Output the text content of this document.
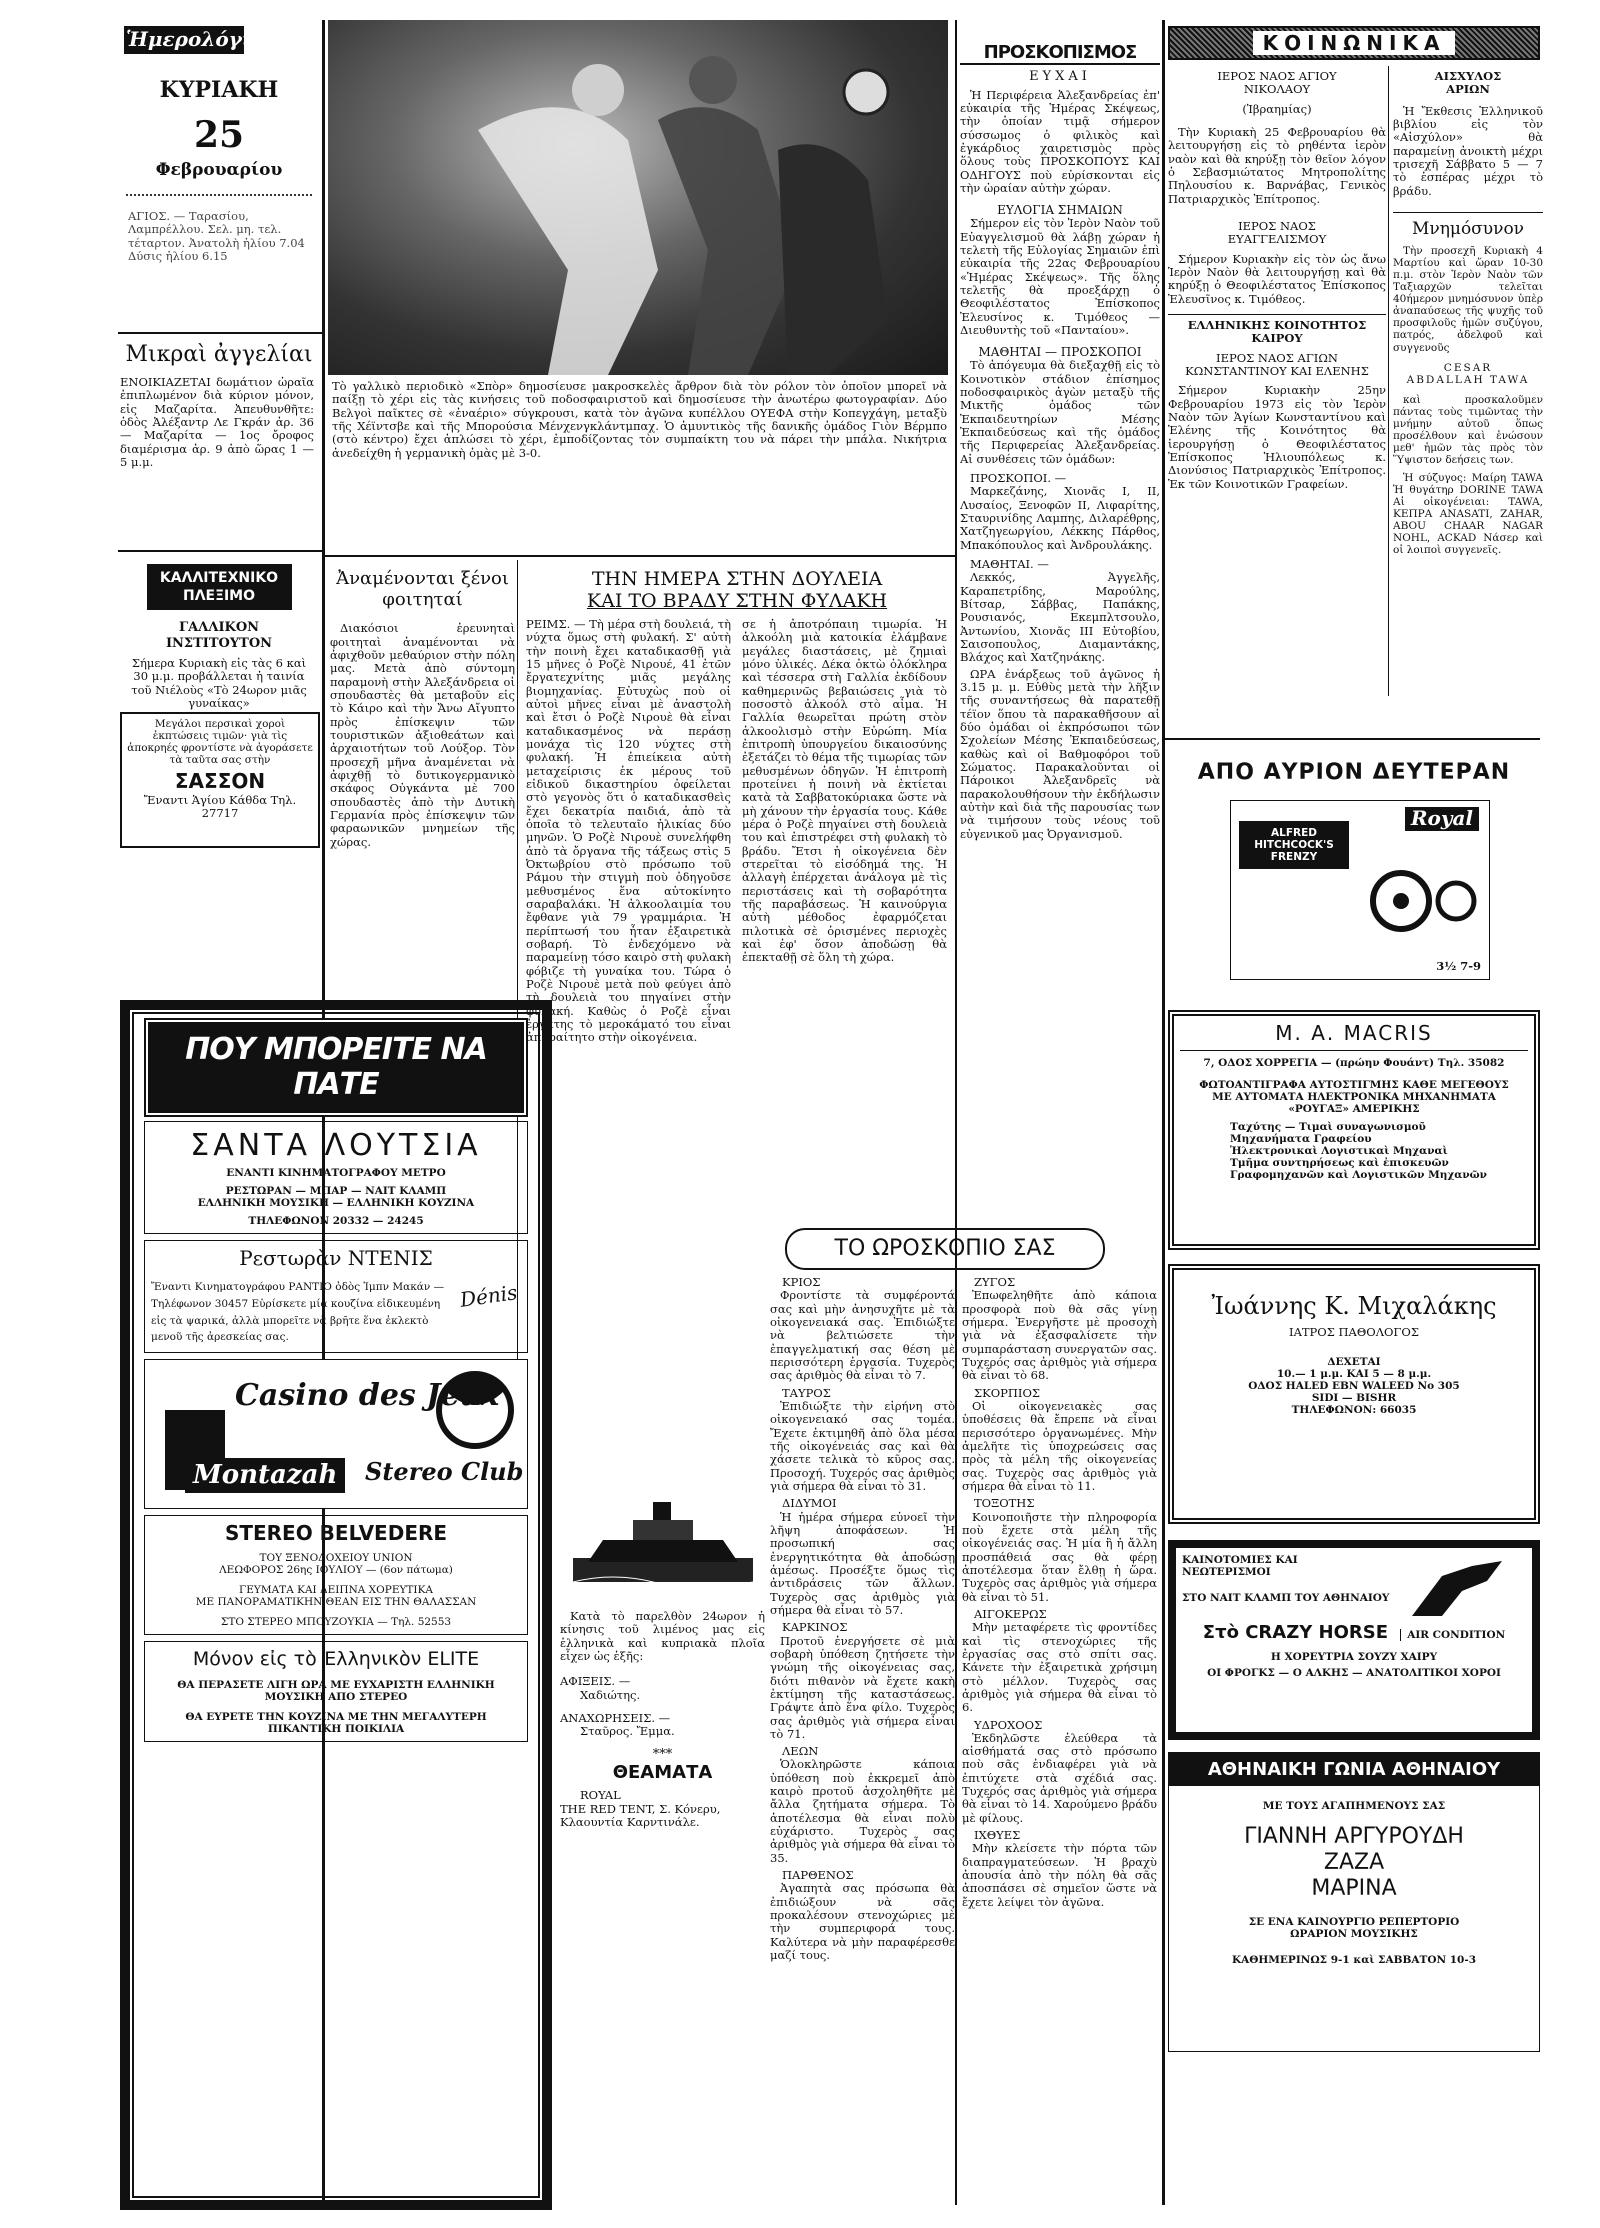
Ἡμερολόγιον
ΚΥΡΙΑΚΗ
25
Φεβρουαρίου
ΑΓΙΟΣ. — Ταρασίου, Λαμπρέλλου. Σελ. μη. τελ. τέταρτον. Ἀνατολὴ ἡλίου 7.04 Δύσις ἡλίου 6.15
Μικραὶ ἀγγελίαι
ΕΝΟΙΚΙΑΖΕΤΑΙ δωμάτιον ὡραῖα ἐπιπλωμένον διὰ κύριον μόνον, εἰς Μαζαρίτα. Ἀπευθυνθῆτε: ὁδὸς Ἀλέξαντρ Λε Γκράν ἀρ. 36 — Μαζαρίτα — 1ος ὄροφος διαμέρισμα ἀρ. 9 ἀπὸ ὥρας 1 — 5 μ.μ.
ΚΑΛΛΙΤΕΧΝΙΚΟ ΠΛΕΞΙΜΟ
ΓΑΛΛΙΚΟΝ ΙΝΣΤΙΤΟΥΤΟΝ
Σήμερα Κυριακὴ εἰς τὰς 6 καὶ 30 μ.μ. προβάλλεται ἡ ταινία τοῦ Νιέλοὺς «Τὸ 24ωρον μιᾶς γυναίκας»
Μεγάλοι περσικαὶ χοροὶ ἐκπτώσεις τιμῶν· γιὰ τὶς ἀποκρηές φροντίστε νὰ ἀγοράσετε τὰ ταῦτα σας στὴν
ΣΑΣΣΟΝ
Ἔναντι Ἁγίου Κάθδα Τηλ. 27717
Τὸ γαλλικὸ περιοδικὸ «Σπὸρ» δημοσίευσε μακροσκελὲς ἄρθρον διὰ τὸν ρόλον τὸν ὁποῖον μπορεῖ νὰ παίξῃ τὸ χέρι εἰς τὰς κινήσεις τοῦ ποδοσφαιριστοῦ καὶ δημοσίευσε τὴν ἀνωτέρω φωτογραφίαν. Δύο Βελγοὶ παῖκτες σὲ «ἐναέριο» σύγκρουσι, κατὰ τὸν ἀγῶνα κυπέλλου ΟΥΕΦΑ στὴν Κοπεγχάγη, μεταξὺ τῆς Χέϊντσβε καὶ τῆς Μπορούσια Μένχενγκλάντμπαχ. Ὁ ἀμυντικὸς τῆς δανικῆς ὁμάδος Γιὸν Βέρμπο (στὸ κέντρο) ἔχει ἁπλώσει τὸ χέρι, ἐμποδίζοντας τὸν συμπαίκτη του νὰ πάρει τὴν μπάλα. Νικήτρια ἀνεδείχθη ἡ γερμανικὴ ὁμὰς μὲ 3-0.
Ἀναμένονται ξένοι φοιτηταί
Διακόσιοι ἐρευνηταὶ φοιτηταὶ ἀναμένονται νὰ ἀφιχθοῦν μεθαύριον στὴν πόλη μας. Μετὰ ἀπὸ σύντομη παραμονὴ στὴν Ἀλεξάνδρεια οἱ σπουδαστὲς θὰ μεταβοῦν εἰς τὸ Κάιρο καὶ τὴν Ἄνω Αἴγυπτο πρὸς ἐπίσκεψιν τῶν τουριστικῶν ἀξιοθεάτων καὶ ἀρχαιοτήτων τοῦ Λούξορ. Τὸν προσεχῆ μῆνα ἀναμένεται νὰ ἀφιχθῇ τὸ δυτικογερμανικὸ σκάφος Οὐγκάντα μὲ 700 σπουδαστὲς ἀπὸ τὴν Δυτικὴ Γερμανία πρὸς ἐπίσκεψιν τῶν φαραωνικῶν μνημείων τῆς χώρας.
ΤΗΝ ΗΜΕΡΑ ΣΤΗΝ ΔΟΥΛΕΙΑ
ΚΑΙ ΤΟ ΒΡΑΔΥ ΣΤΗΝ ΦΥΛΑΚΗ
ΡΕΙΜΣ. — Τὴ μέρα στὴ δουλειά, τὴ νύχτα ὅμως στὴ φυλακή. Σ' αὐτὴ τὴν ποινὴ ἔχει καταδικασθῇ γιὰ 15 μῆνες ὁ Ροζὲ Νιρουέ, 41 ἐτῶν ἔργατεχνίτης μιᾶς μεγάλης βιομηχανίας. Εὐτυχὼς ποὺ οἱ αὐτοὶ μῆνες εἶναι μὲ ἀναστολὴ καὶ ἔτσι ὁ Ροζὲ Νιρουὲ θὰ εἶναι καταδικασμένος νὰ περάσῃ μονάχα τὶς 120 νύχτες στὴ φυλακή. Ἡ ἐπιείκεια αὐτὴ μεταχείρισις ἐκ μέρους τοῦ εἰδικοῦ δικαστηρίου ὀφείλεται στὸ γεγονὸς ὅτι ὁ καταδικασθεὶς ἔχει δεκατρία παιδιά, ἀπὸ τὰ ὁποῖα τὸ τελευταῖο ἡλικίας δύο μηνῶν. Ὁ Ροζὲ Νιρουὲ συνελήφθη ἀπὸ τὰ ὄργανα τῆς τάξεως στὶς 5 Ὀκτωβρίου στὸ πρόσωπο τοῦ Ράμου τὴν στιγμὴ ποὺ ὁδηγοῦσε μεθυσμένος ἕνα αὐτοκίνητο σαραβαλάκι. Ἡ ἀλκοολαιμία του ἔφθανε γιὰ 79 γραμμάρια. Ἡ περίπτωσή του ἦταν ἐξαιρετικὰ σοβαρή. Τὸ ἐνδεχόμενο νὰ παραμείνῃ τόσο καιρὸ στὴ φυλακὴ φόβιζε τὴ γυναίκα του. Τώρα ὁ Ροζὲ Νιρουὲ μετὰ ποὺ φεύγει ἀπὸ τὴ δουλειὰ του πηγαίνει στὴν φυλακή. Καθὼς ὁ Ροζὲ εἶναι ἐργάτης τὸ μεροκάματό του εἶναι ἀπαραίτητο στὴν οἰκογένεια.
σε ἡ ἀποτρόπαιη τιμωρία. Ἡ ἀλκοόλη μιὰ κατοικία ἐλάμβανε μεγάλες διαστάσεις, μὲ ζημιαὶ μόνο ὑλικές. Δέκα ὀκτὼ ὁλόκληρα καὶ τέσσερα στὴ Γαλλία ἐκδίδουν καθημερινῶς βεβαιώσεις γιὰ τὸ ποσοστὸ ἀλκοόλ στὸ αἷμα. Ἡ Γαλλία θεωρεῖται πρώτη στὸν ἀλκοολισμὸ στὴν Εὐρώπη. Μία ἐπιτροπὴ ὑπουργείου δικαιοσύνης ἐξετάζει τὸ θέμα τῆς τιμωρίας τῶν μεθυσμένων ὁδηγῶν. Ἡ ἐπιτροπὴ προτείνει ἡ ποινὴ νὰ ἐκτίεται κατὰ τὰ Σαββατοκύριακα ὥστε νὰ μὴ χάνουν τὴν ἐργασία τους. Κάθε μέρα ὁ Ροζὲ πηγαίνει στὴ δουλειὰ του καὶ ἐπιστρέφει στὴ φυλακὴ τὸ βράδυ. Ἔτσι ἡ οἰκογένεια δὲν στερεῖται τὸ εἰσόδημά της. Ἡ ἀλλαγὴ ἐπέρχεται ἀνάλογα μὲ τὶς περιστάσεις καὶ τὴ σοβαρότητα τῆς παραβάσεως. Ἡ καινούργια αὐτὴ μέθοδος ἐφαρμόζεται πιλοτικὰ σὲ ὁρισμένες περιοχὲς καὶ ἐφ' ὅσον ἀποδώσῃ θὰ ἐπεκταθῇ σὲ ὅλη τὴ χώρα.
ΤΟ ΩΡΟΣΚΟΠΙΟ ΣΑΣ
ΚΡΙΟΣ
Φροντίστε τὰ συμφέροντά σας καὶ μὴν ἀνησυχῆτε μὲ τὰ οἰκογενειακά σας. Ἐπιδιώξτε νὰ βελτιώσετε τὴν ἐπαγγελματική σας θέση μὲ περισσότερη ἐργασία. Τυχερὸς σας ἀριθμὸς θὰ εἶναι τὸ 7.
ΤΑΥΡΟΣ
Ἐπιδιώξτε τὴν εἰρήνη στὸ οἰκογενειακό σας τομέα. Ἔχετε ἐκτιμηθῆ ἀπὸ ὅλα μέσα τῆς οἰκογένειάς σας καὶ θὰ χάσετε τελικὰ τὸ κῦρος σας. Προσοχή. Τυχερός σας ἀριθμὸς γιὰ σήμερα θὰ εἶναι τὸ 31.
ΔΙΔΥΜΟΙ
Ἡ ἡμέρα σήμερα εὐνοεῖ τὴν λῆψη ἀποφάσεων. Ἡ προσωπική σας ἐνεργητικότητα θὰ ἀποδώσῃ ἀμέσως. Προσέξτε ὅμως τὶς ἀντιδράσεις τῶν ἄλλων. Τυχερὸς σας ἀριθμὸς γιὰ σήμερα θὰ εἶναι τὸ 57.
ΚΑΡΚΙΝΟΣ
Προτοῦ ἐνεργήσετε σὲ μιὰ σοβαρὴ ὑπόθεση ζητήσετε τὴν γνώμη τῆς οἰκογένειας σας, διότι πιθανὸν νὰ ἔχετε κακὴ ἐκτίμηση τῆς καταστάσεως. Γράψτε ἀπὸ ἕνα φίλο. Τυχερὸς σας ἀριθμὸς γιὰ σήμερα εἶναι τὸ 71.
ΛΕΩΝ
Ὁλοκληρῶστε κάποια ὑπόθεση ποὺ ἐκκρεμεῖ ἀπὸ καιρὸ προτοῦ ἀσχοληθῆτε μὲ ἄλλα ζητήματα σήμερα. Τὸ ἀποτέλεσμα θὰ εἶναι πολὺ εὐχάριστο. Τυχερὸς σας ἀριθμὸς γιὰ σήμερα θὰ εἶναι τὸ 35.
ΠΑΡΘΕΝΟΣ
Ἀγαπητὰ σας πρόσωπα θὰ ἐπιδιώξουν νὰ σᾶς προκαλέσουν στενοχώριες μὲ τὴν συμπεριφορά τους. Καλύτερα νὰ μὴν παραφέρεσθε μαζί τους.
ΖΥΓΟΣ
Ἐπωφεληθῆτε ἀπὸ κάποια προσφορὰ ποὺ θὰ σᾶς γίνῃ σήμερα. Ἐνεργῆστε μὲ προσοχὴ γιὰ νὰ ἐξασφαλίσετε τὴν συμπαράσταση συνεργατῶν σας. Τυχερός σας ἀριθμὸς γιὰ σήμερα θὰ εἶναι τὸ 68.
ΣΚΟΡΠΙΟΣ
Οἱ οἰκογενειακὲς σας ὑποθέσεις θὰ ἔπρεπε νὰ εἶναι περισσότερο ὀργανωμένες. Μὴν ἀμελῆτε τὶς ὑποχρεώσεις σας πρὸς τὰ μέλη τῆς οἰκογενείας σας. Τυχερὸς σας ἀριθμὸς γιὰ σήμερα θὰ εἶναι τὸ 11.
ΤΟΞΟΤΗΣ
Κοινοποιῆστε τὴν πληροφορία ποὺ ἔχετε στὰ μέλη τῆς οἰκογένειάς σας. Ἡ μία ἢ ἡ ἄλλη προσπάθειά σας θὰ φέρῃ ἀποτέλεσμα ὅταν ἔλθῃ ἡ ὥρα. Τυχερὸς σας ἀριθμὸς γιὰ σήμερα θὰ εἶναι τὸ 51.
ΑΙΓΟΚΕΡΩΣ
Μὴν μεταφέρετε τὶς φροντίδες καὶ τὶς στενοχώριες τῆς ἐργασίας σας στὸ σπίτι σας. Κάνετε τὴν ἐξαιρετικὰ χρήσιμη στὸ μέλλον. Τυχερὸς σας ἀριθμὸς γιὰ σήμερα θὰ εἶναι τὸ 6.
ΥΔΡΟΧΟΟΣ
Ἐκδηλῶστε ἐλεύθερα τὰ αἰσθήματά σας στὸ πρόσωπο ποὺ σᾶς ἐνδιαφέρει γιὰ νὰ ἐπιτύχετε στὰ σχέδιά σας. Τυχερός σας ἀριθμὸς γιὰ σήμερα θὰ εἶναι τὸ 14. Χαρούμενο βράδυ μὲ φίλους.
ΙΧΘΥΕΣ
Μὴν κλείσετε τὴν πόρτα τῶν διαπραγματεύσεων. Ἡ βραχὺ ἀπουσία ἀπὸ τὴν πόλη θὰ σᾶς ἀποσπάσει σὲ σημεῖον ὥστε νὰ ἔχετε λείψει τὸν ἀγῶνα.
Κατὰ τὸ παρελθὸν 24ωρον ἡ κίνησις τοῦ λιμένος μας εἰς ἑλληνικὰ καὶ κυπριακὰ πλοῖα εἶχεν ὡς ἑξῆς:
ΑΦΙΞΕΙΣ. —
Χαδιώτης.
ΑΝΑΧΩΡΗΣΕΙΣ. —
Σταῦρος. Ἔμμα.
***
ΘΕΑΜΑΤΑ
ROYAL
THE RED TENT, Σ. Κόνερυ, Κλαουντία Καρντινάλε.
ΠΟΥ ΜΠΟΡΕΙΤΕ ΝΑ ΠΑΤΕ
ΣΑΝΤΑ ΛΟΥΤΣΙΑ
ΕΝΑΝΤΙ ΚΙΝΗΜΑΤΟΓΡΑΦΟΥ ΜΕΤΡΟ
ΡΕΣΤΩΡΑΝ — ΜΠΑΡ — ΝΑΙΤ ΚΛΑΜΠ
ΕΛΛΗΝΙΚΗ ΜΟΥΣΙΚΗ — ΕΛΛΗΝΙΚΗ ΚΟΥΖΙΝΑ
ΤΗΛΕΦΩΝΟΝ 20332 — 24245
Ρεστωρὰν ΝΤΕΝΙΣ
Ἔναντι Κινηματογράφου ΡΑΝΤΙΟ ὁδὸς Ἰμπν Μακάν — Τηλέφωνον 30457 Εὑρίσκετε μία κουζίνα εἰδικευμένη εἰς τὰ ψαρικά, ἀλλὰ μπορεῖτε νὰ βρῆτε ἕνα ἐκλεκτὸ μενοῦ τῆς ἀρεσκείας σας.
Dénis
Casino des Jeux
Montazah	Stereo Club
STEREO BELVEDERE
ΤΟΥ ΞΕΝΟΔΟΧΕΙΟΥ UNION
ΛΕΩΦΟΡΟΣ 26ης ΙΟΥΛΙΟΥ — (6ον πάτωμα)
ΓΕΥΜΑΤΑ ΚΑΙ ΔΕΙΠΝΑ ΧΟΡΕΥΤΙΚΑ
ΜΕ ΠΑΝΟΡΑΜΑΤΙΚΗΝ ΘΕΑΝ ΕΙΣ ΤΗΝ ΘΑΛΑΣΣΑΝ
ΣΤΟ ΣΤΕΡΕΟ ΜΠΟΥΖΟΥΚΙΑ — Τηλ. 52553
Μόνον εἰς τὸ Ἑλληνικὸν ELITE
ΘΑ ΠΕΡΑΣΕΤΕ ΛΙΓΗ ΩΡΑ ΜΕ ΕΥΧΑΡΙΣΤΗ ΕΛΛΗΝΙΚΗ ΜΟΥΣΙΚΗ ΑΠΟ ΣΤΕΡΕΟ
ΘΑ ΕΥΡΕΤΕ ΤΗΝ ΚΟΥΖΙΝΑ ΜΕ ΤΗΝ ΜΕΓΑΛΥΤΕΡΗ ΠΙΚΑΝΤΙΚΗ ΠΟΙΚΙΛΙΑ
ΠΡΟΣΚΟΠΙΣΜΟΣ
ΕΥΧΑΙ
Ἡ Περιφέρεια Ἀλεξανδρείας ἐπ' εὐκαιρία τῆς Ἡμέρας Σκέψεως, τὴν ὁποίαν τιμᾷ σήμερον σύσσωμος ὁ φιλικὸς καὶ ἐγκάρδιος χαιρετισμὸς πρὸς ὅλους τοὺς ΠΡΟΣΚΟΠΟΥΣ ΚΑΙ ΟΔΗΓΟΥΣ ποὺ εὑρίσκονται εἰς τὴν ὡραίαν αὐτὴν χώραν.
ΕΥΛΟΓΙΑ ΣΗΜΑΙΩΝ
Σήμερον εἰς τὸν Ἱερὸν Ναὸν τοῦ Εὐαγγελισμοῦ θὰ λάβῃ χώραν ἡ τελετὴ τῆς Εὐλογίας Σημαιῶν ἐπὶ εὐκαιρία τῆς 22ας Φεβρουαρίου «Ἡμέρας Σκέψεως». Τῆς ὅλης τελετῆς θὰ προεξάρχῃ ὁ Θεοφιλέστατος Ἐπίσκοπος Ἐλευσίνος κ. Τιμόθεος — Διευθυντὴς τοῦ «Πανταίου».
ΜΑΘΗΤΑΙ — ΠΡΟΣΚΟΠΟΙ
Τὸ ἀπόγευμα θὰ διεξαχθῇ εἰς τὸ Κοινοτικὸν στάδιον ἐπίσημος ποδοσφαιρικὸς ἀγὼν μεταξὺ τῆς Μικτῆς ὁμάδος τῶν Ἐκπαιδευτηρίων Μέσης Ἐκπαιδεύσεως καὶ τῆς ὁμάδος τῆς Περιφερείας Ἀλεξανδρείας. Αἱ συνθέσεις τῶν ὁμάδων:
ΠΡΟΣΚΟΠΟΙ. —
Μαρκεζάνης, Χιονᾶς Ι, ΙΙ, Λυσαίος, Ξενοφῶν ΙΙ, Λιφαρίτης, Σταυρινίδης Λαμπης, Διλαρέθρης, Χατζηγεωργίου, Λέκκης Πάρθος, Μπακόπουλος καὶ Ἀνδρουλάκης.
ΜΑΘΗΤΑΙ. —
Λεκκός, Ἀγγελῆς, Καραπετρίδης, Μαρούλης, Βίτσαρ, Σάββας, Παπάκης, Ρουσιανός, Εκεμπλτσουλο, Ἀντωνίου, Χιονᾶς ΙΙΙ Εὐτοβίου, Σαισοπουλος, Διαμαντάκης, Βλάχος καὶ Χατζηνάκης.
ΩΡΑ ἐνάρξεως τοῦ ἀγῶνος ἡ 3.15 μ. μ. Εὐθὺς μετὰ τὴν λῆξιν τῆς συναντήσεως θὰ παρατεθῇ τέϊον ὅπου τὰ παρακαθῆσουν αἱ δύο ὁμάδαι οἱ ἐκπρόσωποι τῶν Σχολείων Μέσης Ἐκπαιδεύσεως, καθὼς καὶ οἱ Βαθμοφόροι τοῦ Σώματος. Παρακαλοῦνται οἱ Πάροικοι Ἀλεξανδρεῖς νὰ παρακολουθήσουν τὴν ἐκδήλωσιν αὐτὴν καὶ διὰ τῆς παρουσίας των νὰ τιμήσουν τοὺς νέους τοῦ εὐγενικοῦ μας Ὀργανισμοῦ.
ΚΟΙΝΩΝΙΚΑ
ΙΕΡΟΣ ΝΑΟΣ ΑΓΙΟΥ ΝΙΚΟΛΑΟΥ
(Ἰβραημίας)
Τὴν Κυριακὴ 25 Φεβρουαρίου θὰ λειτουργήσῃ εἰς τὸ ρηθέντα ἱερὸν ναὸν καὶ θὰ κηρύξῃ τὸν θεῖον λόγον ὁ Σεβασμιώτατος Μητροπολίτης Πηλουσίου κ. Βαρνάβας, Γενικὸς Πατριαρχικὸς Ἐπίτροπος.
ΙΕΡΟΣ ΝΑΟΣ ΕΥΑΓΓΕΛΙΣΜΟΥ
Σήμερον Κυριακὴν εἰς τὸν ὡς ἄνω Ἱερὸν Ναὸν θὰ λειτουργήσῃ καὶ θὰ κηρύξῃ ὁ Θεοφιλέστατος Ἐπίσκοπος Ἐλευσῖνος κ. Τιμόθεος.
ΕΛΛΗΝΙΚΗΣ ΚΟΙΝΟΤΗΤΟΣ ΚΑΙΡΟΥ
ΙΕΡΟΣ ΝΑΟΣ ΑΓΙΩΝ ΚΩΝΣΤΑΝΤΙΝΟΥ ΚΑΙ ΕΛΕΝΗΣ
Σήμερον Κυριακὴν 25ην Φεβρουαρίου 1973 εἰς τὸν Ἱερὸν Ναὸν τῶν Ἁγίων Κωνσταντίνου καὶ Ἑλένης τῆς Κοινότητος θὰ ἱερουργήσῃ ὁ Θεοφιλέστατος Ἐπίσκοπος Ἡλιουπόλεως κ. Διονύσιος Πατριαρχικὸς Ἐπίτροπος. Ἐκ τῶν Κοινοτικῶν Γραφείων.
ΑΙΣΧΥΛΟΣ ΑΡΙΩΝ
Ἡ Ἔκθεσις Ἑλληνικοῦ βιβλίου εἰς τὸν «Αἰσχύλον» θὰ παραμείνῃ ἀνοικτὴ μέχρι τρισεχῆ Σάββατο 5 — 7 τὸ ἑσπέρας μέχρι τὸ βράδυ.
Μνημόσυνον
Τὴν προσεχῆ Κυριακὴ 4 Μαρτίου καὶ ὥραν 10-30 π.μ. στὸν Ἱερὸν Ναὸν τῶν Ταξιαρχῶν τελεῖται 40ήμερον μνημόσυνον ὑπὲρ ἀναπαύσεως τῆς ψυχῆς τοῦ προσφιλοῦς ἡμῶν συζύγου, πατρός, ἀδελφοῦ καὶ συγγενοῦς
CESAR ABDALLAH TAWA
καὶ προσκαλοῦμεν πάντας τοὺς τιμῶντας τὴν μνήμην αὐτοῦ ὅπως προσέλθουν καὶ ἑνώσουν μεθ' ἡμῶν τὰς πρὸς τὸν Ὕψιστον δεήσεις των.
Ἡ σύζυγος: Μαίρη TAWA Ἡ θυγάτηρ DORINE TAWA Αἱ οἰκογένειαι: TAWA, ΚΕΠΡΑ ANASATI, ZAHAR, ABOU CHAAR NAGAR NOHL, ACKAD Νάσερ καὶ οἱ λοιποὶ συγγενεῖς.
ΑΠΟ ΑΥΡΙΟΝ ΔΕΥΤΕΡΑΝ
ALFRED HITCHCOCK'S FRENZY
Royal
3½ 7-9
Μ. Α. MACRIS
7, ΟΔΟΣ ΧΟΡΡΕΓΙΑ — (πρώην Φουάντ) Τηλ. 35082
ΦΩΤΟΑΝΤΙΓΡΑΦΑ ΑΥΤΟΣΤΙΓΜΗΣ ΚΑΘΕ ΜΕΓΕΘΟΥΣ
ΜΕ ΑΥΤΟΜΑΤΑ ΗΛΕΚΤΡΟΝΙΚΑ ΜΗΧΑΝΗΜΑΤΑ
«ΡΟΥΓΑΞ» ΑΜΕΡΙΚΗΣ
Ταχύτης — Τιμαὶ συναγωνισμοῦ
Μηχανήματα Γραφείου
Ἠλεκτρονικαὶ Λογιστικαὶ Μηχαναὶ
Τμῆμα συντηρήσεως καὶ ἐπισκευῶν Γραφομηχανῶν καὶ Λογιστικῶν Μηχανῶν
Ἰωάννης Κ. Μιχαλάκης
ΙΑΤΡΟΣ ΠΑΘΟΛΟΓΟΣ
ΔΕΧΕΤΑΙ
10.— 1 μ.μ. ΚΑΙ 5 — 8 μ.μ.
ΟΔΟΣ HALED EBN WALEED No 305
SIDI — BISHR
ΤΗΛΕΦΩΝΟΝ: 66035
ΚΑΙΝΟΤΟΜΙΕΣ ΚΑΙ ΝΕΩΤΕΡΙΣΜΟΙ
ΣΤΟ ΝΑΙΤ ΚΛΑΜΠ ΤΟΥ ΑΘΗΝΑΙΟΥ
Στὸ CRAZY HORSE AIR CONDITION
Η ΧΟΡΕΥΤΡΙΑ ΣΟΥΖΥ ΧΑΙΡΥ
ΟΙ ΦΡΟΓΚΣ — Ο ΑΛΚΗΣ — ΑΝΑΤΟΛΙΤΙΚΟΙ ΧΟΡΟΙ
ΑΘΗΝΑΙΚΗ ΓΩΝΙΑ ΑΘΗΝΑΙΟΥ
ΜΕ ΤΟΥΣ ΑΓΑΠΗΜΕΝΟΥΣ ΣΑΣ
ΓΙΑΝΝΗ ΑΡΓΥΡΟΥΔΗ
ΖΑΖΑ
ΜΑΡΙΝΑ
ΣΕ ΕΝΑ ΚΑΙΝΟΥΡΓΙΟ ΡΕΠΕΡΤΟΡΙΟ
ΩΡΑΡΙΟΝ ΜΟΥΣΙΚΗΣ
ΚΑΘΗΜΕΡΙΝΩΣ 9-1 καὶ ΣΑΒΒΑΤΟΝ 10-3
